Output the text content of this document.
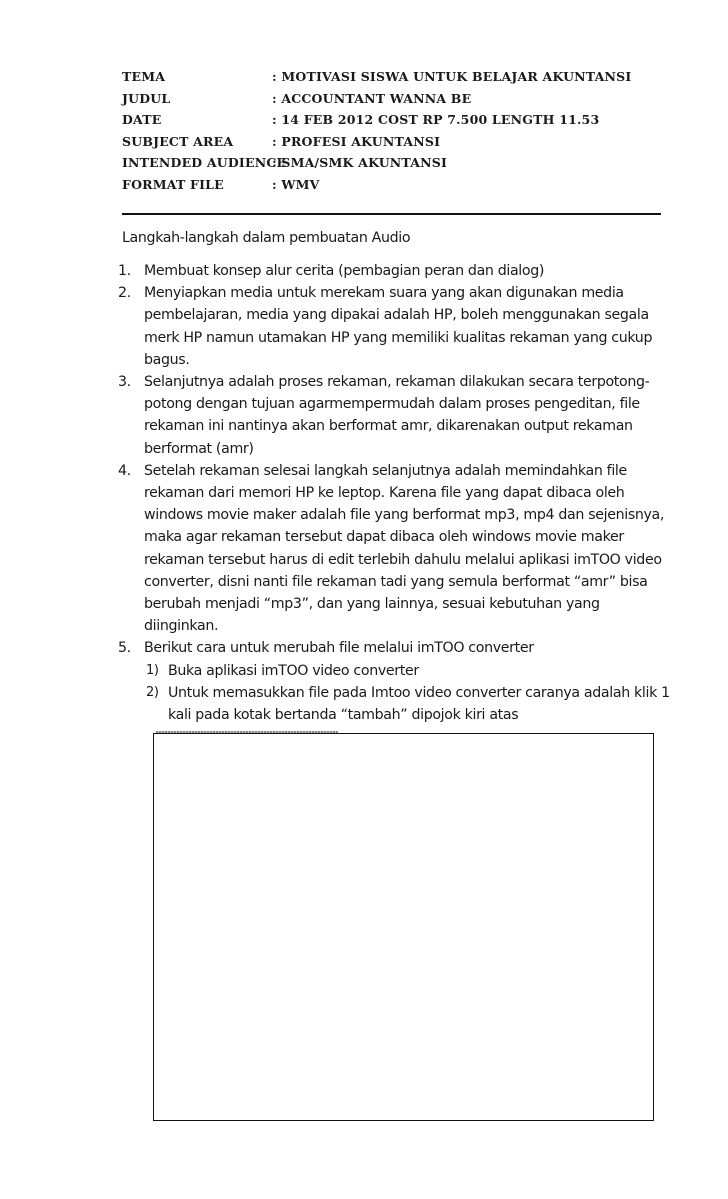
TEMA	: MOTIVASI SISWA UNTUK BELAJAR AKUNTANSI
JUDUL	: ACCOUNTANT WANNA BE
DATE	: 14 FEB 2012 COST RP 7.500 LENGTH 11.53
SUBJECT AREA	: PROFESI AKUNTANSI
INTENDED AUDIENCE
: SMA/SMK AKUNTANSI
FORMAT FILE	: WMV
Langkah-langkah dalam pembuatan Audio
1. Membuat konsep alur cerita (pembagian peran dan dialog)
2. Menyiapkan media untuk merekam suara yang akan digunakan media pembelajaran, media yang dipakai adalah HP, boleh menggunakan segala merk HP namun utamakan HP yang memiliki kualitas rekaman yang cukup bagus.
3. Selanjutnya adalah proses rekaman, rekaman dilakukan secara terpotong-potong dengan tujuan agarmempermudah dalam proses pengeditan, file rekaman ini nantinya akan berformat amr, dikarenakan output rekaman berformat (amr)
4. Setelah rekaman selesai langkah selanjutnya adalah memindahkan file rekaman dari memori HP ke leptop. Karena file yang dapat dibaca oleh windows movie maker adalah file yang berformat mp3, mp4 dan sejenisnya, maka agar rekaman tersebut dapat dibaca oleh windows movie maker rekaman tersebut harus di edit terlebih dahulu melalui aplikasi imTOO video converter, disni nanti file rekaman tadi yang semula berformat “amr” bisa berubah menjadi “mp3”, dan yang lainnya, sesuai kebutuhan yang diinginkan.
5. Berikut cara untuk merubah file melalui imTOO converter
1) Buka aplikasi imTOO video converter
2) Untuk memasukkan file pada Imtoo video converter caranya adalah klik 1 kali pada kotak bertanda “tambah” dipojok kiri atas
